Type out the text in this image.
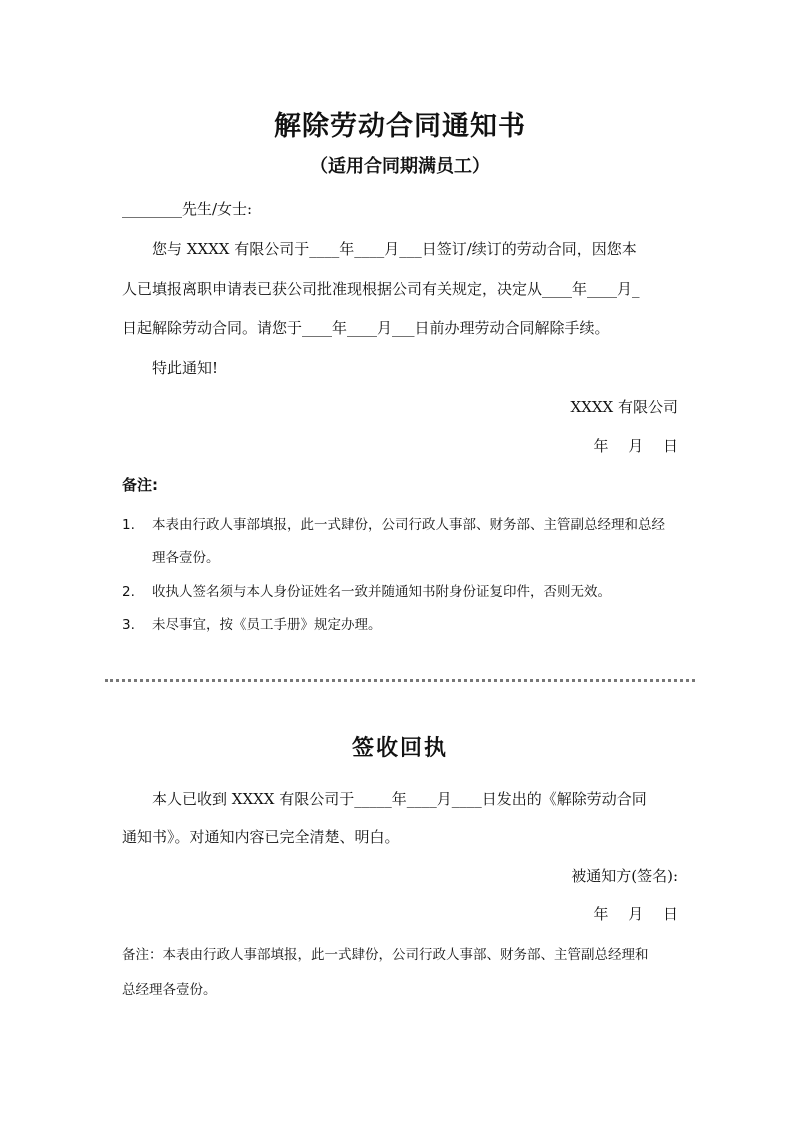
解除劳动合同通知书
（适用合同期满员工）
________先生/女士:
您与 XXXX 有限公司于____年____月___日签订/续订的劳动合同，因您本
人已填报离职申请表已获公司批准现根据公司有关规定，决定从____年____月_
日起解除劳动合同。请您于____年____月___日前办理劳动合同解除手续。
特此通知!
XXXX 有限公司
年　 月　 日
备注:
1. 本表由行政人事部填报，此一式肆份，公司行政人事部、财务部、主管副总经理和总经
理各壹份。
2. 收执人签名须与本人身份证姓名一致并随通知书附身份证复印件，否则无效。
3. 未尽事宜，按《员工手册》规定办理。
签收回执
本人已收到 XXXX 有限公司于_____年____月____日发出的《解除劳动合同
通知书》。对通知内容已完全清楚、明白。
被通知方(签名):
年　 月　 日
备注：本表由行政人事部填报，此一式肆份，公司行政人事部、财务部、主管副总经理和
总经理各壹份。
